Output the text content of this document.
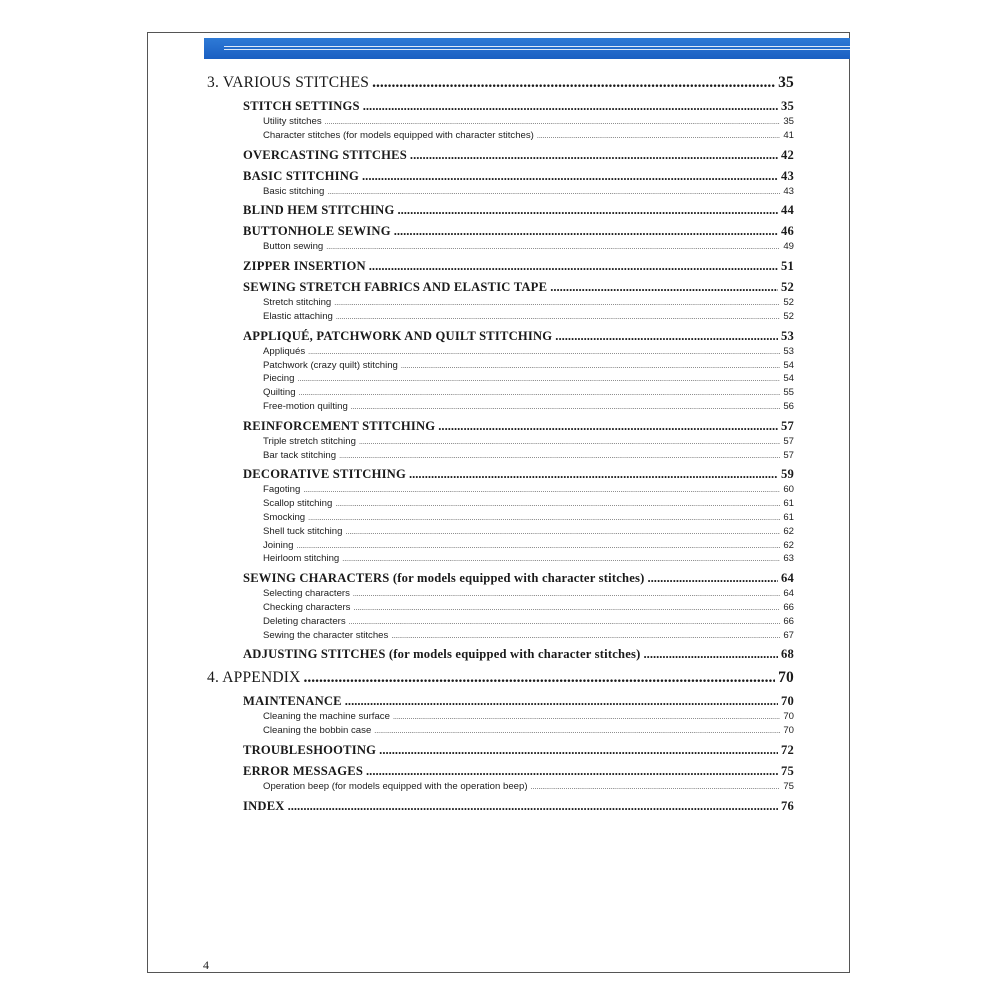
3. VARIOUS STITCHES .....	35
STITCH SETTINGS .....	35
Utility stitches .....	35
Character stitches (for models equipped with character stitches) .....	41
OVERCASTING STITCHES .....	42
BASIC STITCHING .....	43
Basic stitching .....	43
BLIND HEM STITCHING .....	44
BUTTONHOLE SEWING .....	46
Button sewing .....	49
ZIPPER INSERTION .....	51
SEWING STRETCH FABRICS AND ELASTIC TAPE .....	52
Stretch stitching .....	52
Elastic attaching .....	52
APPLIQUÉ, PATCHWORK AND QUILT STITCHING .....	53
Appliqués .....	53
Patchwork (crazy quilt) stitching .....	54
Piecing .....	54
Quilting .....	55
Free-motion quilting .....	56
REINFORCEMENT STITCHING .....	57
Triple stretch stitching .....	57
Bar tack stitching .....	57
DECORATIVE STITCHING .....	59
Fagoting .....	60
Scallop stitching .....	61
Smocking .....	61
Shell tuck stitching .....	62
Joining .....	62
Heirloom stitching .....	63
SEWING CHARACTERS (for models equipped with character stitches) .....	64
Selecting characters .....	64
Checking characters .....	66
Deleting characters .....	66
Sewing the character stitches .....	67
ADJUSTING STITCHES (for models equipped with character stitches) .....	68
4. APPENDIX .....	70
MAINTENANCE .....	70
Cleaning the machine surface .....	70
Cleaning the bobbin case .....	70
TROUBLESHOOTING .....	72
ERROR MESSAGES .....	75
Operation beep (for models equipped with the operation beep) .....	75
INDEX .....	76
4
